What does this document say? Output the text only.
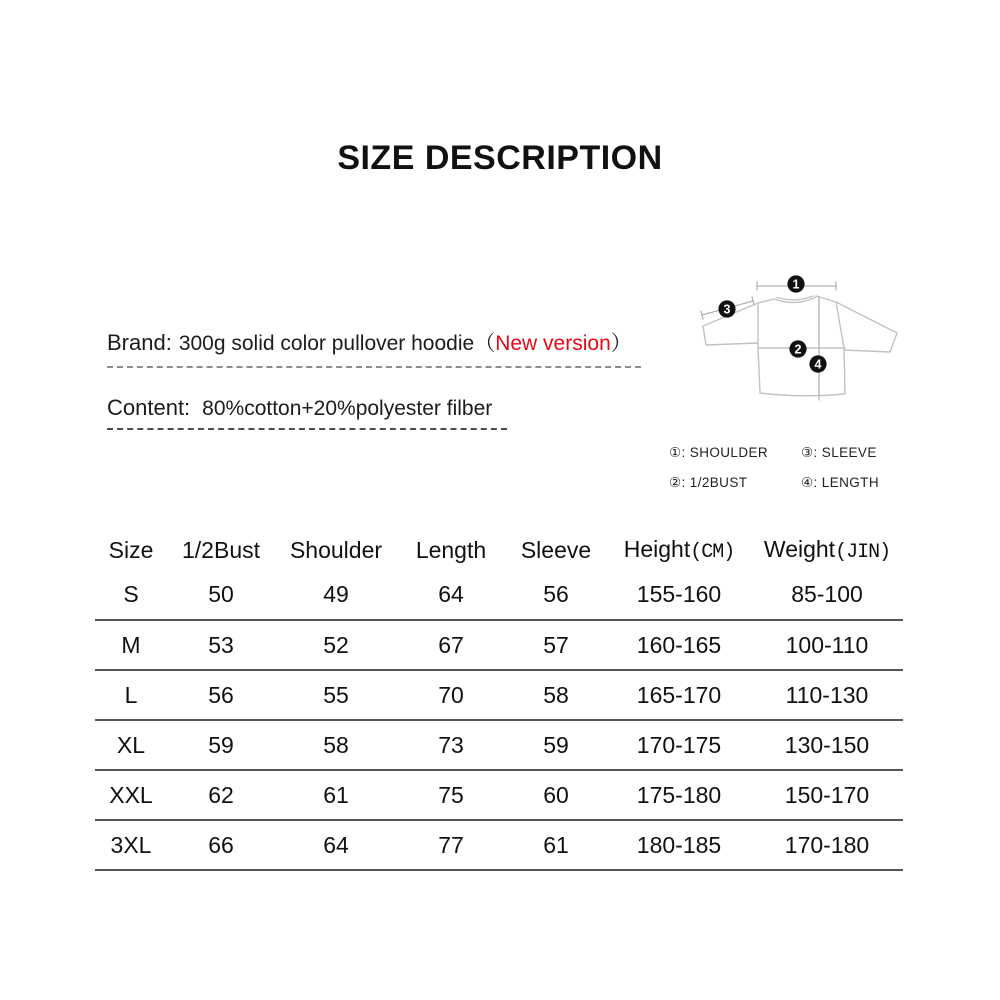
SIZE DESCRIPTION
Brand: 300g solid color pullover hoodie（New version）
Content: 80%cotton+20%polyester filber
1
3
2
4
①: SHOULDER	③: SLEEVE
②: 1/2BUST	④: LENGTH
Size	1/2Bust	Shoulder	Length	Sleeve	Height(CM)	Weight(JIN)
S	50	49	64	56	155-160	85-100
M	53	52	67	57	160-165	100-110
L	56	55	70	58	165-170	110-130
XL	59	58	73	59	170-175	130-150
XXL	62	61	75	60	175-180	150-170
3XL	66	64	77	61	180-185	170-180
